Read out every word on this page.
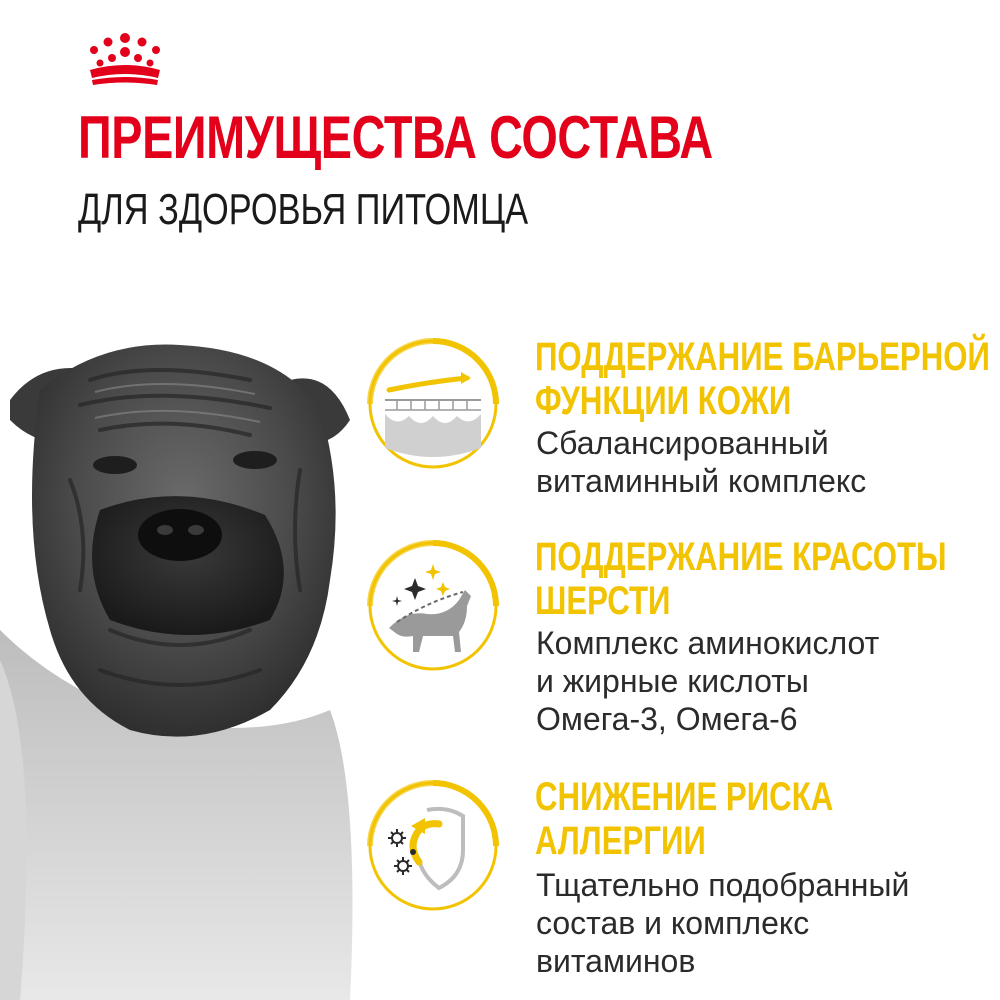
ПРЕИМУЩЕСТВА СОСТАВА
ДЛЯ ЗДОРОВЬЯ ПИТОМЦА
ПОДДЕРЖАНИЕ БАРЬЕРНОЙ
ФУНКЦИИ КОЖИ
Сбалансированный
витаминный комплекс
ПОДДЕРЖАНИЕ КРАСОТЫ
ШЕРСТИ
Комплекс аминокислот
и жирные кислоты
Омега-3, Омега-6
СНИЖЕНИЕ РИСКА
АЛЛЕРГИИ
Тщательно подобранный
состав и комплекс
витаминов
